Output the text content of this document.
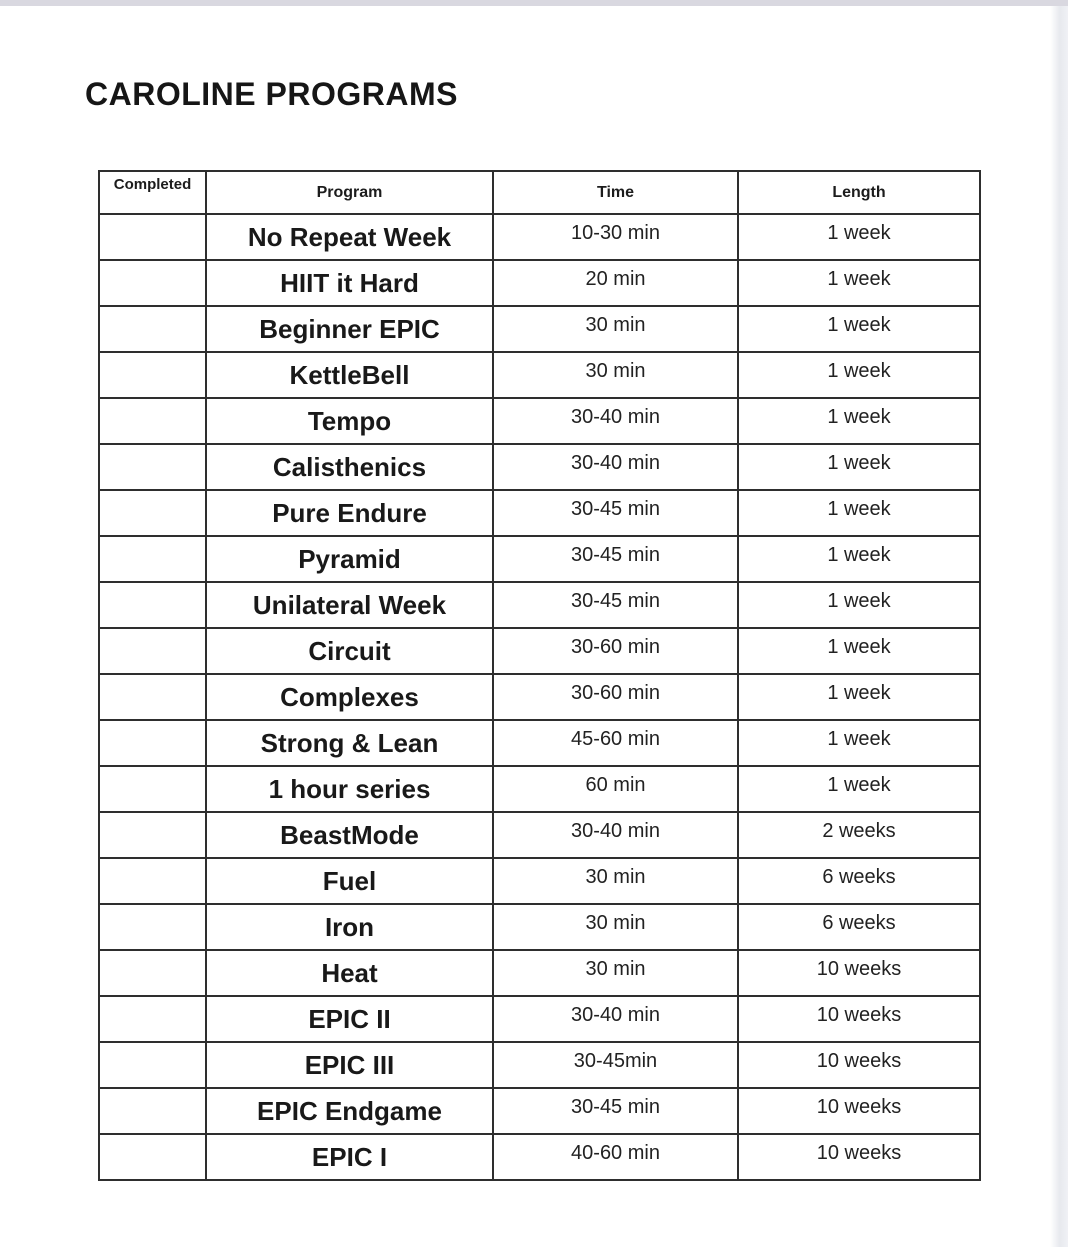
CAROLINE PROGRAMS
Completed	Program	Time	Length
	No Repeat Week	10-30 min	1 week
	HIIT it Hard	20 min	1 week
	Beginner EPIC	30 min	1 week
	KettleBell	30 min	1 week
	Tempo	30-40 min	1 week
	Calisthenics	30-40 min	1 week
	Pure Endure	30-45 min	1 week
	Pyramid	30-45 min	1 week
	Unilateral Week	30-45 min	1 week
	Circuit	30-60 min	1 week
	Complexes	30-60 min	1 week
	Strong & Lean	45-60 min	1 week
	1 hour series	60 min	1 week
	BeastMode	30-40 min	2 weeks
	Fuel	30 min	6 weeks
	Iron	30 min	6 weeks
	Heat	30 min	10 weeks
	EPIC II	30-40 min	10 weeks
	EPIC III	30-45min	10 weeks
	EPIC Endgame	30-45 min	10 weeks
	EPIC I	40-60 min	10 weeks
